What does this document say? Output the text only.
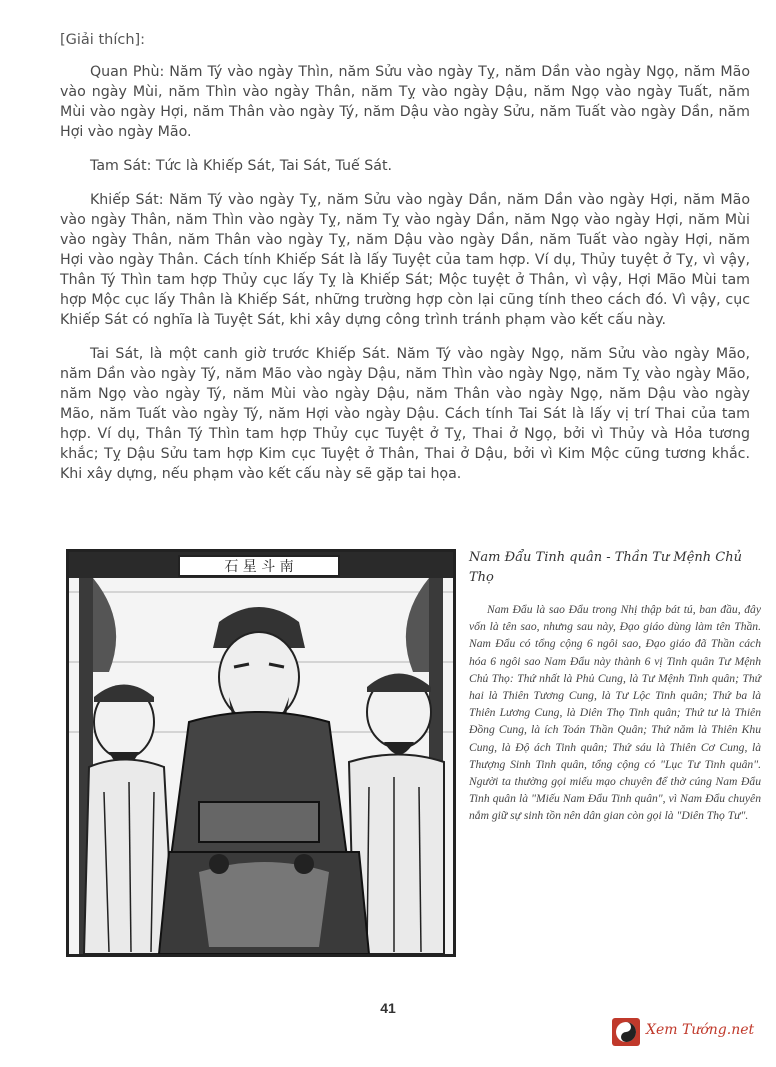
[Giải thích]:

Quan Phù: Năm Tý vào ngày Thìn, năm Sửu vào ngày Tỵ, năm Dần vào ngày Ngọ, năm Mão vào ngày Mùi, năm Thìn vào ngày Thân, năm Tỵ vào ngày Dậu, năm Ngọ vào ngày Tuất, năm Mùi vào ngày Hợi, năm Thân vào ngày Tý, năm Dậu vào ngày Sửu, năm Tuất vào ngày Dần, năm Hợi vào ngày Mão.

Tam Sát: Tức là Khiếp Sát, Tai Sát, Tuế Sát.

Khiếp Sát: Năm Tý vào ngày Tỵ, năm Sửu vào ngày Dần, năm Dần vào ngày Hợi, năm Mão vào ngày Thân, năm Thìn vào ngày Tỵ, năm Tỵ vào ngày Dần, năm Ngọ vào ngày Hợi, năm Mùi vào ngày Thân, năm Thân vào ngày Tỵ, năm Dậu vào ngày Dần, năm Tuất vào ngày Hợi, năm Hợi vào ngày Thân. Cách tính Khiếp Sát là lấy Tuyệt của tam hợp. Ví dụ, Thủy tuyệt ở Tỵ, vì vậy, Thân Tý Thìn tam hợp Thủy cục lấy Tỵ là Khiếp Sát; Mộc tuyệt ở Thân, vì vậy, Hợi Mão Mùi tam hợp Mộc cục lấy Thân là Khiếp Sát, những trường hợp còn lại cũng tính theo cách đó. Vì vậy, cục Khiếp Sát có nghĩa là Tuyệt Sát, khi xây dựng công trình tránh phạm vào kết cấu này.

Tai Sát, là một canh giờ trước Khiếp Sát. Năm Tý vào ngày Ngọ, năm Sửu vào ngày Mão, năm Dần vào ngày Tý, năm Mão vào ngày Dậu, năm Thìn vào ngày Ngọ, năm Tỵ vào ngày Mão, năm Ngọ vào ngày Tý, năm Mùi vào ngày Dậu, năm Thân vào ngày Ngọ, năm Dậu vào ngày Mão, năm Tuất vào ngày Tý, năm Hợi vào ngày Dậu. Cách tính Tai Sát là lấy vị trí Thai của tam hợp. Ví dụ, Thân Tý Thìn tam hợp Thủy cục Tuyệt ở Tỵ, Thai ở Ngọ, bởi vì Thủy và Hỏa tương khắc; Tỵ Dậu Sửu tam hợp Kim cục Tuyệt ở Thân, Thai ở Dậu, bởi vì Kim Mộc cũng tương khắc. Khi xây dựng, nếu phạm vào kết cấu này sẽ gặp tai họa.

石 星 斗 南
Nam Đẩu Tinh quân - Thần Tư Mệnh Chủ Thọ

Nam Đẩu là sao Đẩu trong Nhị thập bát tú, ban đầu, đây vốn là tên sao, nhưng sau này, Đạo giáo dùng làm tên Thần. Nam Đẩu có tổng cộng 6 ngôi sao, Đạo giáo đã Thần cách hóa 6 ngôi sao Nam Đẩu này thành 6 vị Tinh quân Tư Mệnh Chủ Thọ: Thứ nhất là Phủ Cung, là Tư Mệnh Tinh quân; Thứ hai là Thiên Tương Cung, là Tư Lộc Tinh quân; Thứ ba là Thiên Lương Cung, là Diên Thọ Tinh quân; Thứ tư là Thiên Đồng Cung, là ích Toán Thần Quân; Thứ năm là Thiên Khu Cung, là Độ ách Tinh quân; Thứ sáu là Thiên Cơ Cung, là Thượng Sinh Tinh quân, tổng cộng có "Lục Tư Tinh quân". Người ta thường gọi miếu mạo chuyên để thờ cúng Nam Đẩu Tinh quân là "Miếu Nam Đẩu Tinh quân", vì Nam Đẩu chuyên nắm giữ sự sinh tồn nên dân gian còn gọi là "Diên Thọ Tư".

41
Xem Tướng.net
